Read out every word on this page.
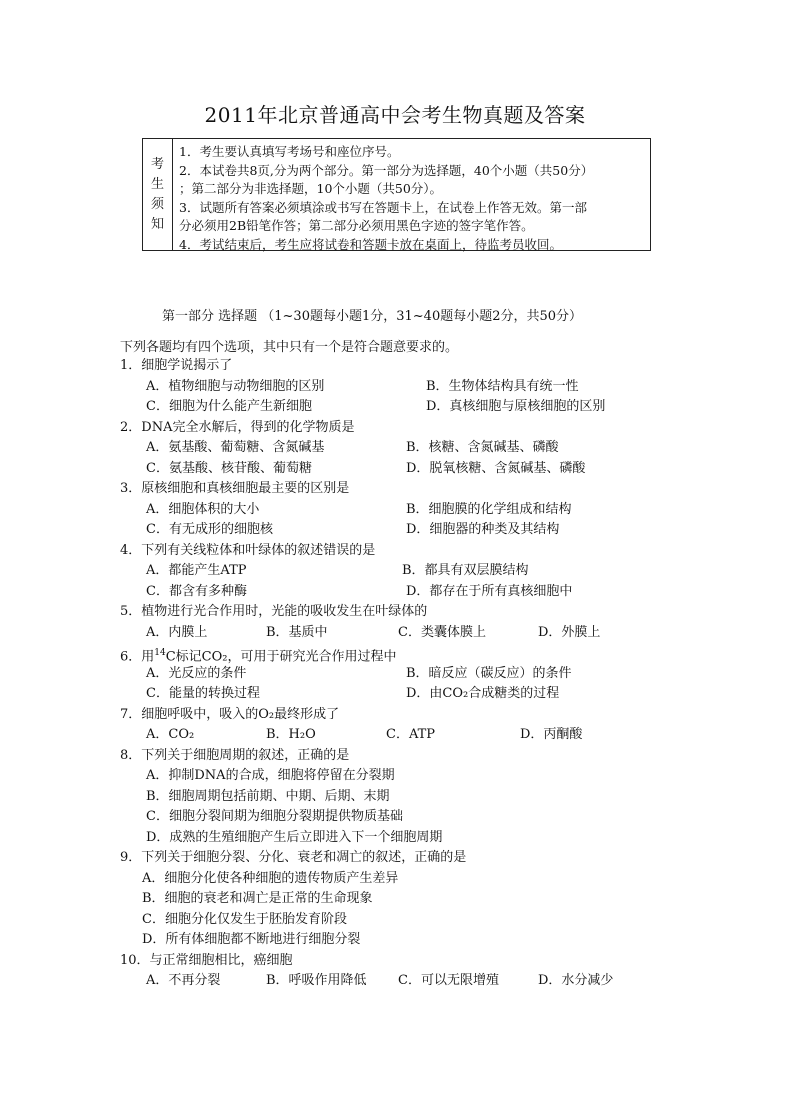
2011年北京普通高中会考生物真题及答案
考
生
须
知
1．考生要认真填写考场号和座位序号。
2．本试卷共8页,分为两个部分。第一部分为选择题，40个小题（共50分）
；第二部分为非选择题，10个小题（共50分）。
3．试题所有答案必须填涂或书写在答题卡上，在试卷上作答无效。第一部
分必须用2B铅笔作答；第二部分必须用黑色字迹的签字笔作答。
4．考试结束后，考生应将试卷和答题卡放在桌面上，待监考员收回。
第一部分 选择题 （1~30题每小题1分，31~40题每小题2分，共50分）
下列各题均有四个选项，其中只有一个是符合题意要求的。
1．细胞学说揭示了
A．植物细胞与动物细胞的区别	B．生物体结构具有统一性
C．细胞为什么能产生新细胞	D．真核细胞与原核细胞的区别
2．DNA完全水解后，得到的化学物质是
A．氨基酸、葡萄糖、含氮碱基	B．核糖、含氮碱基、磷酸
C．氨基酸、核苷酸、葡萄糖	D．脱氧核糖、含氮碱基、磷酸
3．原核细胞和真核细胞最主要的区别是
A．细胞体积的大小	B．细胞膜的化学组成和结构
C．有无成形的细胞核	D．细胞器的种类及其结构
4．下列有关线粒体和叶绿体的叙述错误的是
A．都能产生ATP	B．都具有双层膜结构
C．都含有多种酶	D．都存在于所有真核细胞中
5．植物进行光合作用时，光能的吸收发生在叶绿体的
A．内膜上	B．基质中	C．类囊体膜上	D．外膜上
6．用$^{14}$C标记CO₂，可用于研究光合作用过程中
A．光反应的条件	B．暗反应（碳反应）的条件
C．能量的转换过程	D．由CO₂合成糖类的过程
7．细胞呼吸中，吸入的O₂最终形成了
A．CO₂	B．H₂O	C．ATP	D．丙酮酸
8．下列关于细胞周期的叙述，正确的是
A．抑制DNA的合成，细胞将停留在分裂期
B．细胞周期包括前期、中期、后期、末期
C．细胞分裂间期为细胞分裂期提供物质基础
D．成熟的生殖细胞产生后立即进入下一个细胞周期
9．下列关于细胞分裂、分化、衰老和凋亡的叙述，正确的是
A．细胞分化使各种细胞的遗传物质产生差异
B．细胞的衰老和凋亡是正常的生命现象
C．细胞分化仅发生于胚胎发育阶段
D．所有体细胞都不断地进行细胞分裂
10．与正常细胞相比，癌细胞
A．不再分裂	B．呼吸作用降低 C．可以无限增殖	D．水分减少
